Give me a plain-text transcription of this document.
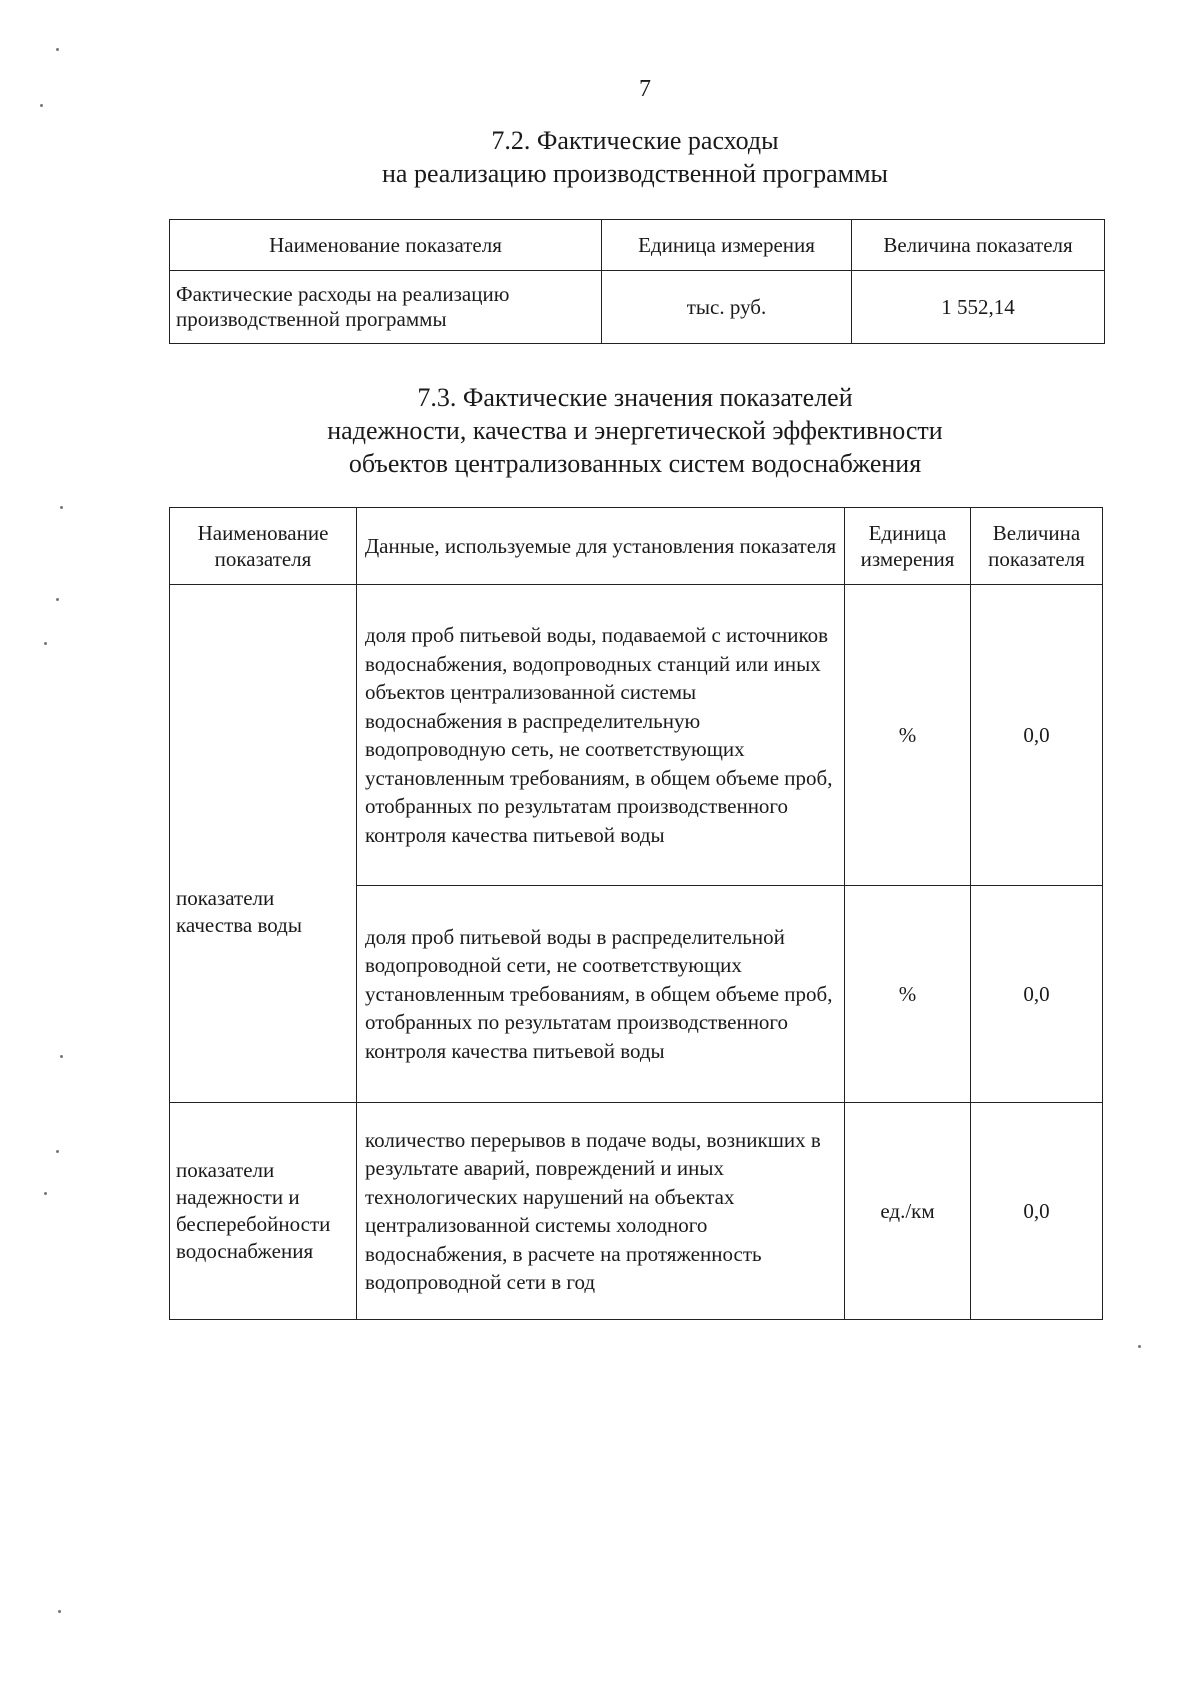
7
7.2. Фактические расходы
на реализацию производственной программы
Наименование показателя	Единица измерения	Величина показателя
Фактические расходы на реализацию производственной программы	тыс. руб.	1 552,14
7.3. Фактические значения показателей
надежности, качества и энергетической эффективности
объектов централизованных систем водоснабжения
Наименование показателя	Данные, используемые для установления показателя	Единица измерения	Величина показателя
показатели качества воды	доля проб питьевой воды, подаваемой с источников водоснабжения, водопроводных станций или иных объектов централизованной системы водоснабжения в распределительную водопроводную сеть, не соответствующих установленным требованиям, в общем объеме проб, отобранных по результатам производственного контроля качества питьевой воды	%	0,0
	доля проб питьевой воды в распределительной водопроводной сети, не соответствующих установленным требованиям, в общем объеме проб, отобранных по результатам производственного контроля качества питьевой воды	%	0,0
показатели надежности и бесперебойности водоснабжения	количество перерывов в подаче воды, возникших в результате аварий, повреждений и иных технологических нарушений на объектах централизованной системы холодного водоснабжения, в расчете на протяженность водопроводной сети в год	ед./км	0,0
